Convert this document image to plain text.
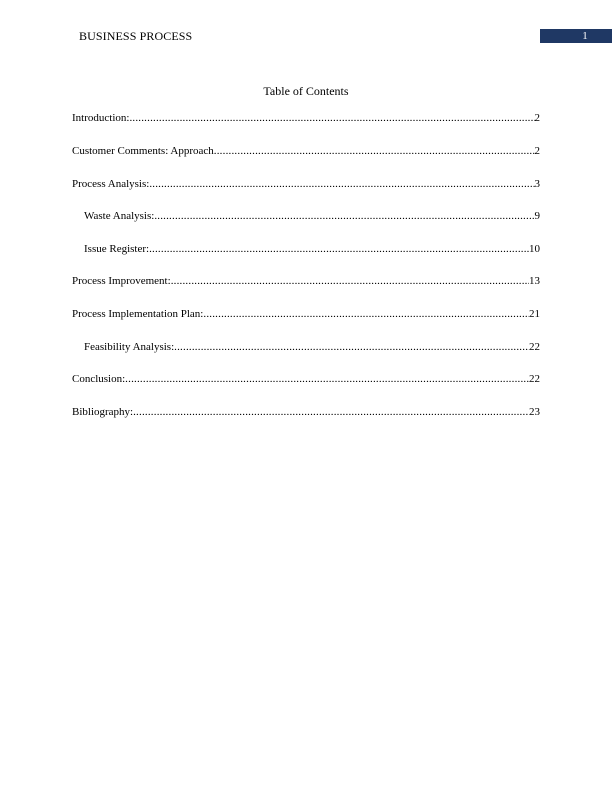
BUSINESS PROCESS	1
Table of Contents
Introduction: .....	2
Customer Comments: Approach .....	2
Process Analysis: .....	3
Waste Analysis: .....	9
Issue Register: .....	10
Process Improvement: .....	13
Process Implementation Plan: .....	21
Feasibility Analysis: .....	22
Conclusion: .....	22
Bibliography: .....	23
